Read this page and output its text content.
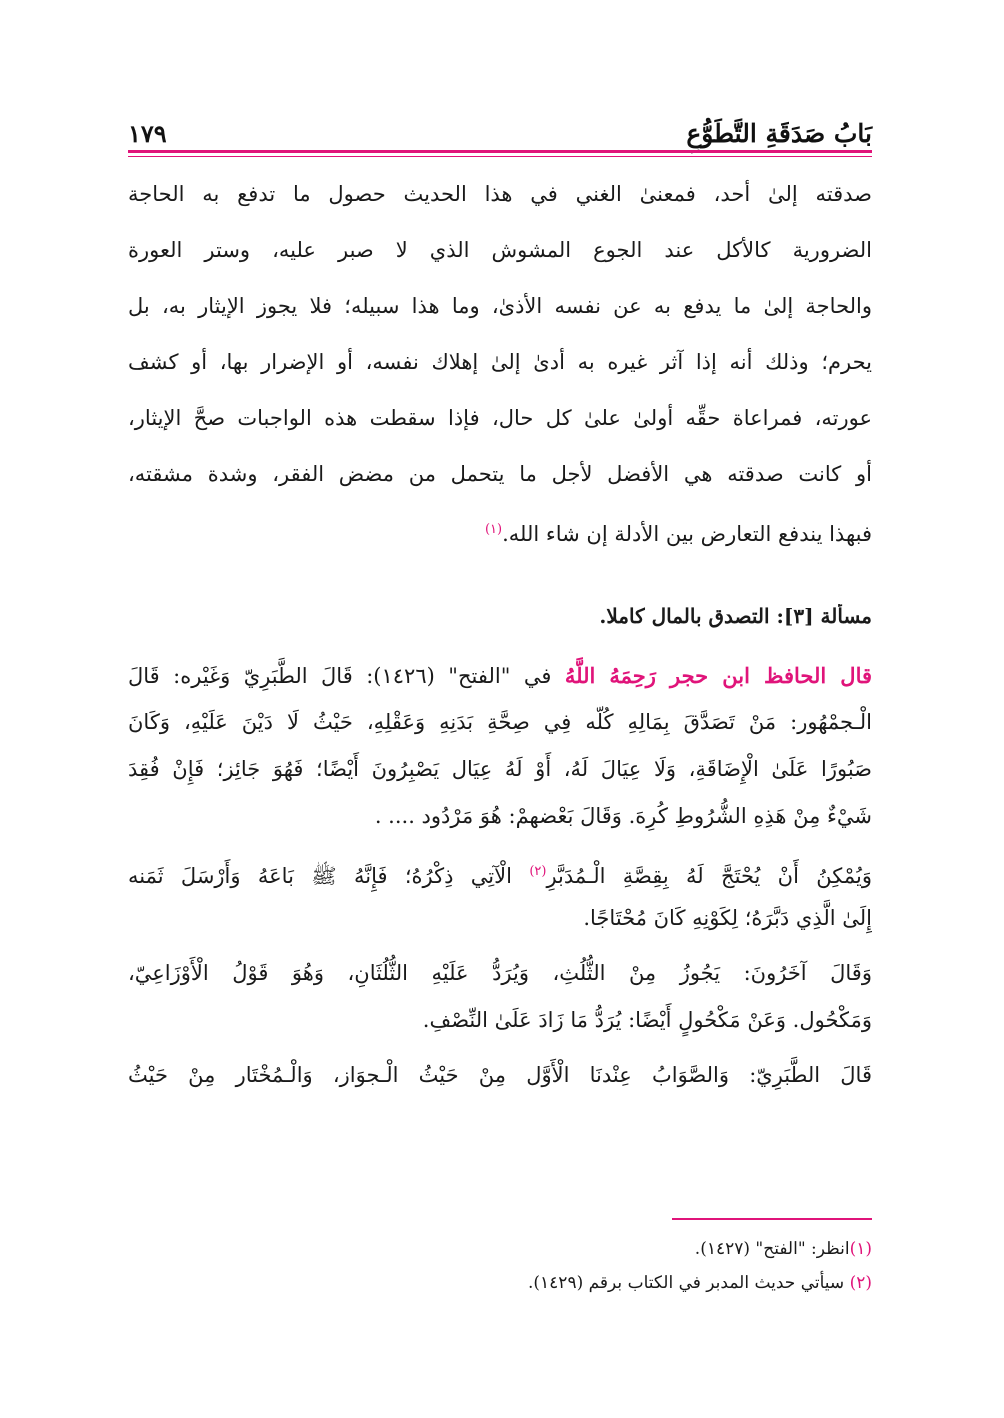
بَابُ صَدَقَةِ التَّطَوُّعِ
١٧٩
صدقته إلىٰ أحد، فمعنىٰ الغني في هذا الحديث حصول ما تدفع به الحاجة
الضرورية كالأكل عند الجوع المشوش الذي لا صبر عليه، وستر العورة
والحاجة إلىٰ ما يدفع به عن نفسه الأذىٰ، وما هذا سبيله؛ فلا يجوز الإيثار به، بل
يحرم؛ وذلك أنه إذا آثر غيره به أدىٰ إلىٰ إهلاك نفسه، أو الإضرار بها، أو كشف
عورته، فمراعاة حقِّه أولىٰ علىٰ كل حال، فإذا سقطت هذه الواجبات صحَّ الإيثار،
أو كانت صدقته هي الأفضل لأجل ما يتحمل من مضض الفقر، وشدة مشقته،
فبهذا يندفع التعارض بين الأدلة إن شاء الله.$^{(١)}$
مسألة [٣]: التصدق بالمال كاملا.
قال الحافظ ابن حجر رَحِمَهُ اللَّهُ في "الفتح" (١٤٢٦): قَالَ الطَّبَرِيّ وَغَيْره: قَالَ
الْـجمْهُور: مَنْ تَصَدَّقَ بِمَالِهِ كُلّه فِي صِحَّةِ بَدَنِهِ وَعَقْلِهِ، حَيْثُ لَا دَيْنَ عَلَيْهِ، وَكَانَ
صَبُورًا عَلَىٰ الْإِضَاقَةِ، وَلَا عِيَالَ لَهُ، أَوْ لَهُ عِيَال يَصْبِرُونَ أَيْضًا؛ فَهُوَ جَائِز؛ فَإِنْ فُقِدَ
شَيْءٌ مِنْ هَذِهِ الشُّرُوطِ كُرِهَ. وَقَالَ بَعْضهمْ: هُوَ مَرْدُود .... .
وَيُمْكِنُ أَنْ يُحْتَجَّ لَهُ بِقِصَّةِ الْـمُدَبَّرِ$^{(٢)}$ الْآتِي ذِكْرُهُ؛ فَإِنَّهُ ﷺ بَاعَهُ وَأَرْسَلَ ثَمَنه
إِلَىٰ الَّذِي دَبَّرَهُ؛ لِكَوْنِهِ كَانَ مُحْتَاجًا.
وَقَالَ آخَرُونَ: يَجُوزُ مِنْ الثُّلُثِ، وَيُرَدُّ عَلَيْهِ الثُّلُثَانِ، وَهُوَ قَوْلُ الْأَوْزَاعِيّ،
وَمَكْحُول. وَعَنْ مَكْحُولٍ أَيْضًا: يُرَدُّ مَا زَادَ عَلَىٰ النِّصْفِ.
قَالَ الطَّبَرِيّ: وَالصَّوَابُ عِنْدنَا الْأَوَّل مِنْ حَيْثُ الْـجوَاز، وَالْـمُخْتَار مِنْ حَيْثُ
(١)انظر: "الفتح" (١٤٢٧).
(٢) سيأتي حديث المدبر في الكتاب برقم (١٤٢٩).
